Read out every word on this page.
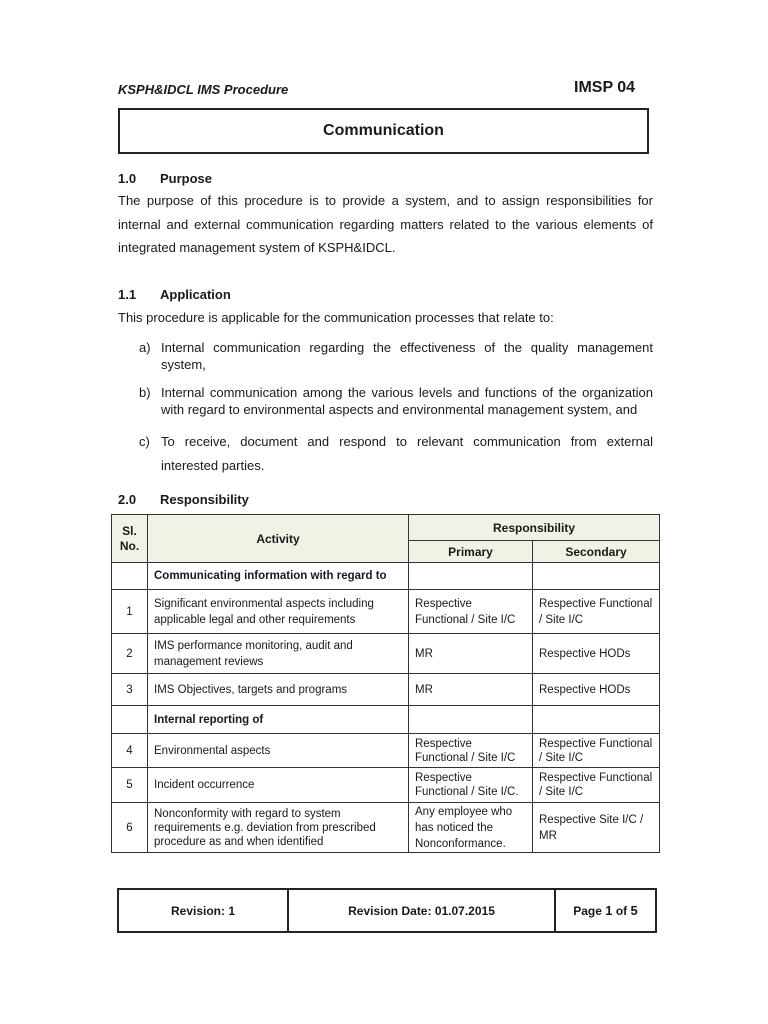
KSPH&IDCL IMS Procedure	IMSP 04
Communication
1.0 Purpose
The purpose of this procedure is to provide a system, and to assign responsibilities for
internal and external communication regarding matters related to the various elements of
integrated management system of KSPH&IDCL.
1.1 Application
This procedure is applicable for the communication processes that relate to:
a) Internal communication regarding the effectiveness of the quality management system,
b) Internal communication among the various levels and functions of the organization with regard to environmental aspects and environmental management system, and
c) To receive, document and respond to relevant communication from external interested parties.
2.0 Responsibility
Sl. No.	Activity	Responsibility	
		Primary	Secondary
	Communicating information with regard to		
1	Significant environmental aspects including applicable legal and other requirements	Respective Functional / Site I/C	Respective Functional / Site I/C
2	IMS performance monitoring, audit and management reviews	MR	Respective HODs
3	IMS Objectives, targets and programs	MR	Respective HODs
	Internal reporting of		
4	Environmental aspects	Respective Functional / Site I/C	Respective Functional / Site I/C
5	Incident occurrence	Respective Functional / Site I/C.	Respective Functional / Site I/C
6	Nonconformity with regard to system requirements e.g. deviation from prescribed procedure as and when identified	Any employee who has noticed the Nonconformance.	Respective Site I/C / MR
Revision: 1	Revision Date: 01.07.2015	Page 1 of 5
